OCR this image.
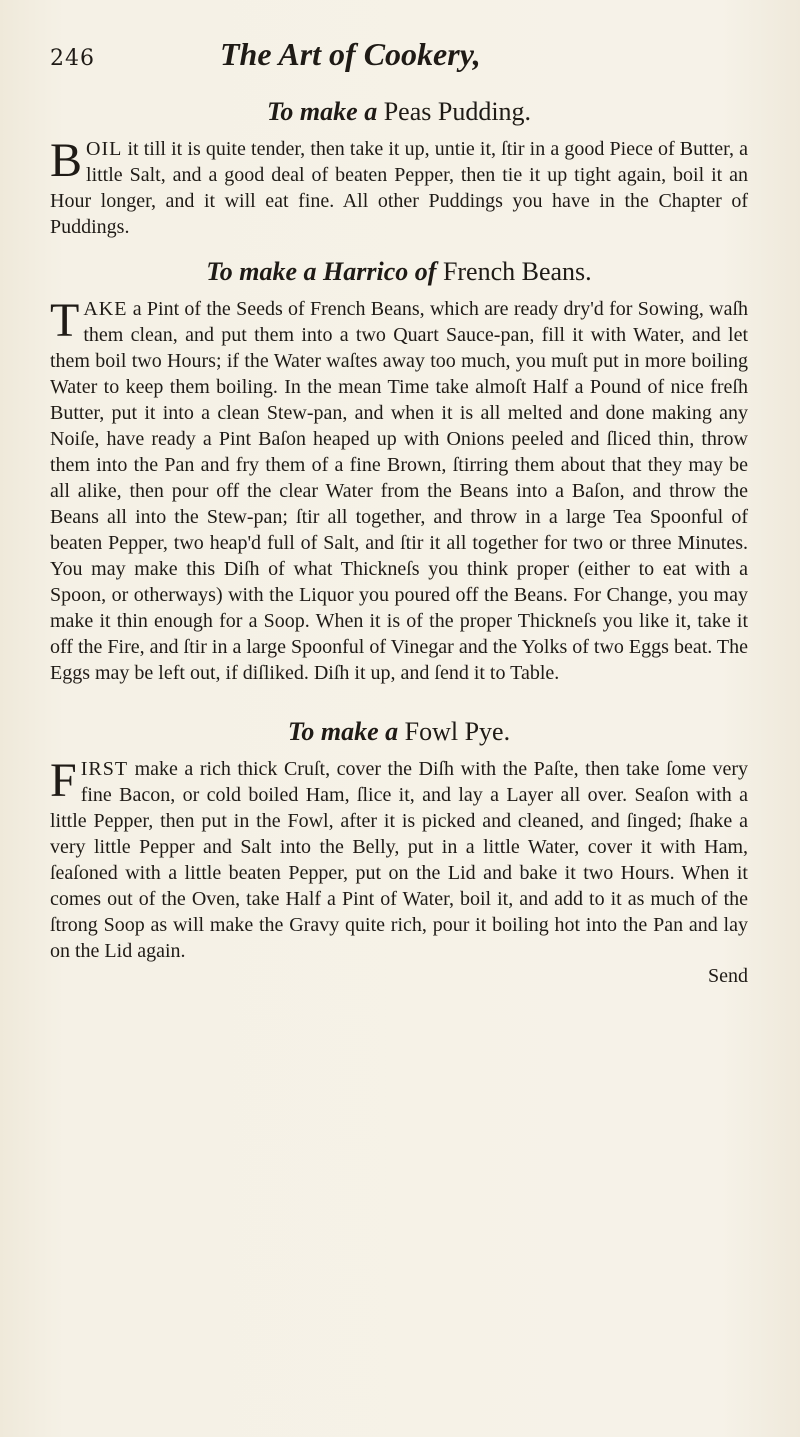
246	The Art of Cookery,
To make a Peas Pudding.

BOIL it till it is quite tender, then take it up, untie it, ſtir in a good Piece of Butter, a little Salt, and a good deal of beaten Pepper, then tie it up tight again, boil it an Hour longer, and it will eat fine. All other Puddings you have in the Chapter of Puddings.

To make a Harrico of French Beans.

TAKE a Pint of the Seeds of French Beans, which are ready dry'd for Sowing, waſh them clean, and put them into a two Quart Sauce-pan, fill it with Water, and let them boil two Hours; if the Water waſtes away too much, you muſt put in more boiling Water to keep them boiling. In the mean Time take almoſt Half a Pound of nice freſh Butter, put it into a clean Stew-pan, and when it is all melted and done making any Noiſe, have ready a Pint Baſon heaped up with Onions peeled and ſliced thin, throw them into the Pan and fry them of a fine Brown, ſtirring them about that they may be all alike, then pour off the clear Water from the Beans into a Baſon, and throw the Beans all into the Stew-pan; ſtir all together, and throw in a large Tea Spoonful of beaten Pepper, two heap'd full of Salt, and ſtir it all together for two or three Minutes. You may make this Diſh of what Thickneſs you think proper (either to eat with a Spoon, or otherways) with the Liquor you poured off the Beans. For Change, you may make it thin enough for a Soop. When it is of the proper Thickneſs you like it, take it off the Fire, and ſtir in a large Spoonful of Vinegar and the Yolks of two Eggs beat. The Eggs may be left out, if diſliked. Diſh it up, and ſend it to Table.

To make a Fowl Pye.

FIRST make a rich thick Cruſt, cover the Diſh with the Paſte, then take ſome very fine Bacon, or cold boiled Ham, ſlice it, and lay a Layer all over. Seaſon with a little Pepper, then put in the Fowl, after it is picked and cleaned, and ſinged; ſhake a very little Pepper and Salt into the Belly, put in a little Water, cover it with Ham, ſeaſoned with a little beaten Pepper, put on the Lid and bake it two Hours. When it comes out of the Oven, take Half a Pint of Water, boil it, and add to it as much of the ſtrong Soop as will make the Gravy quite rich, pour it boiling hot into the Pan and lay on the Lid again.

Send
